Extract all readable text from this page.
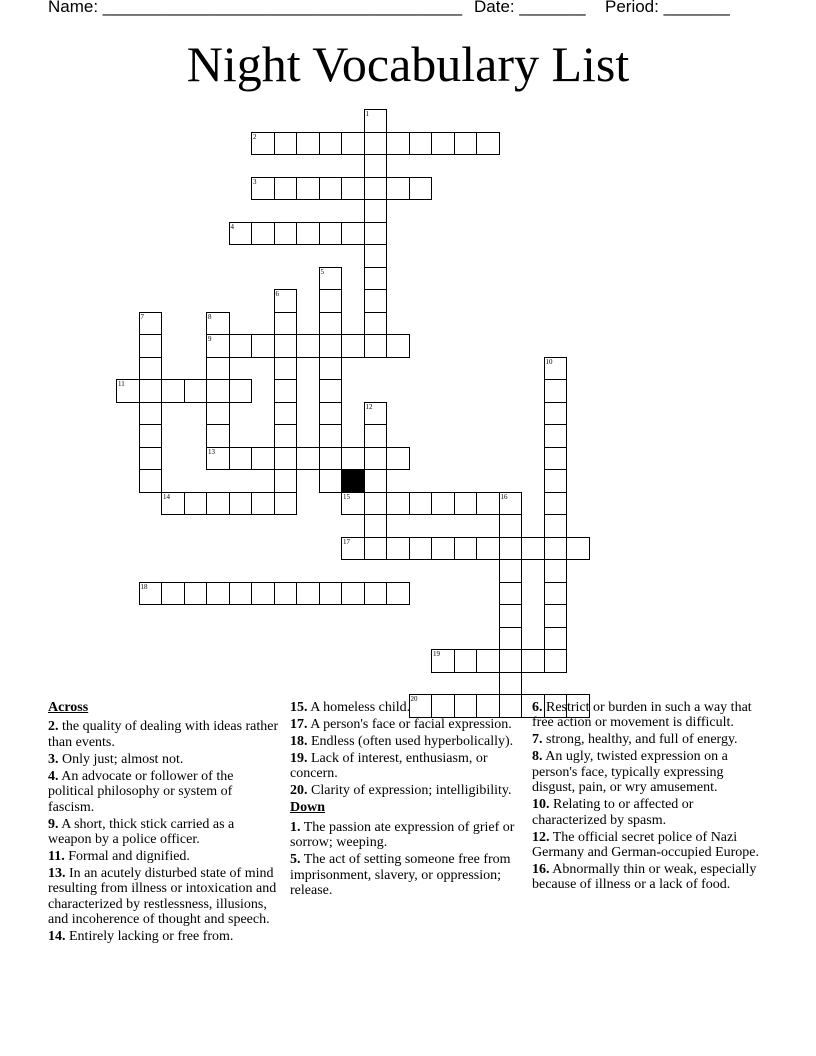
Name: ______________________________________ Date: _______ Period: _______
Night Vocabulary List
2
3
4
9
11
13
14	15	16
17
18
19
20
1
5
6
7	8
10
12
Across
2. the quality of dealing with ideas rather than events.
3. Only just; almost not.
4. An advocate or follower of the political philosophy or system of fascism.
9. A short, thick stick carried as a weapon by a police officer.
11. Formal and dignified.
13. In an acutely disturbed state of mind resulting from illness or intoxication and characterized by restlessness, illusions, and incoherence of thought and speech.
14. Entirely lacking or free from.
15. A homeless child.
17. A person's face or facial expression.
18. Endless (often used hyperbolically).
19. Lack of interest, enthusiasm, or concern.
20. Clarity of expression; intelligibility.
Down
1. The passion ate expression of grief or sorrow; weeping.
5. The act of setting someone free from imprisonment, slavery, or oppression; release.
6. Restrict or burden in such a way that free action or movement is difficult.
7. strong, healthy, and full of energy.
8. An ugly, twisted expression on a person's face, typically expressing disgust, pain, or wry amusement.
10. Relating to or affected or characterized by spasm.
12. The official secret police of Nazi Germany and German-occupied Europe.
16. Abnormally thin or weak, especially because of illness or a lack of food.
